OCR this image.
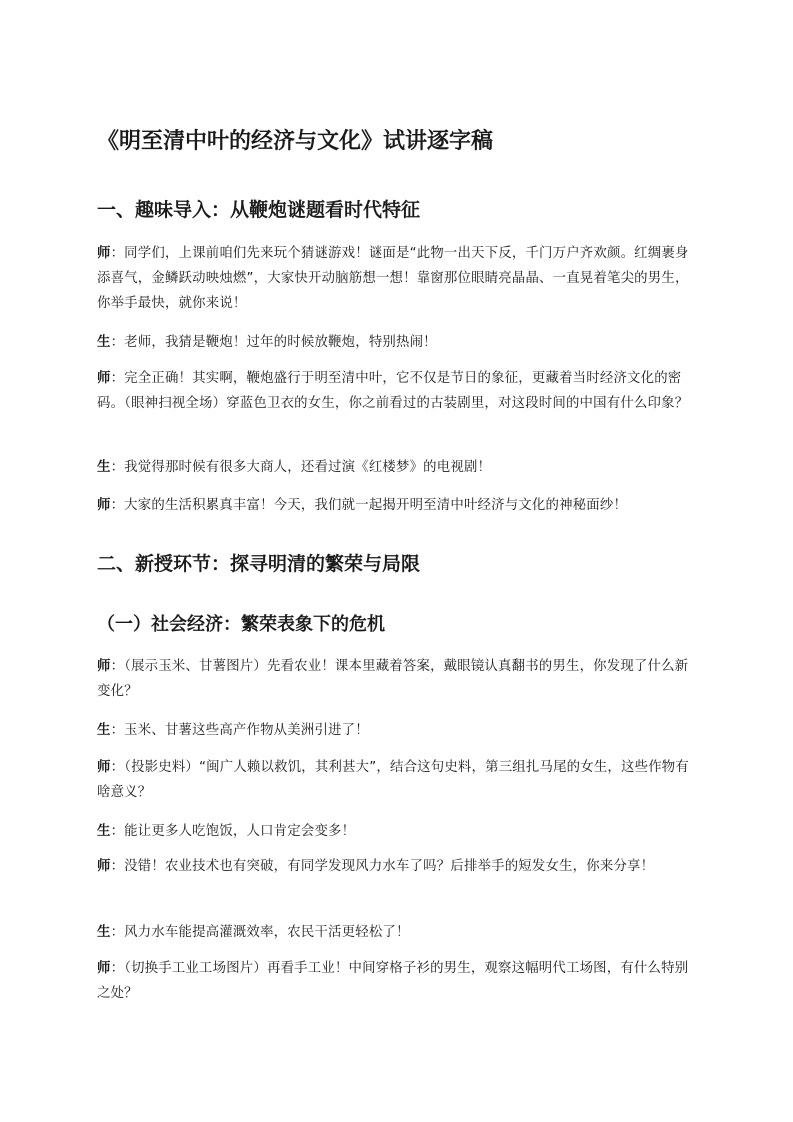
《明至清中叶的经济与文化》试讲逐字稿
一、趣味导入：从鞭炮谜题看时代特征

师：同学们，上课前咱们先来玩个猜谜游戏！谜面是“此物一出天下反，千门万户齐欢颜。红绸裹身添喜气，金鳞跃动映烛燃”，大家快开动脑筋想一想！靠窗那位眼睛亮晶晶、一直晃着笔尖的男生，你举手最快，就你来说！

生：老师，我猜是鞭炮！过年的时候放鞭炮，特别热闹！

师：完全正确！其实啊，鞭炮盛行于明至清中叶，它不仅是节日的象征，更藏着当时经济文化的密码。（眼神扫视全场）穿蓝色卫衣的女生，你之前看过的古装剧里，对这段时间的中国有什么印象？

生：我觉得那时候有很多大商人，还看过演《红楼梦》的电视剧！

师：大家的生活积累真丰富！今天，我们就一起揭开明至清中叶经济与文化的神秘面纱！

二、新授环节：探寻明清的繁荣与局限
（一）社会经济：繁荣表象下的危机

师：（展示玉米、甘薯图片）先看农业！课本里藏着答案，戴眼镜认真翻书的男生，你发现了什么新变化？

生：玉米、甘薯这些高产作物从美洲引进了！

师：（投影史料）“闽广人赖以救饥，其利甚大”，结合这句史料，第三组扎马尾的女生，这些作物有啥意义？

生：能让更多人吃饱饭，人口肯定会变多！

师：没错！农业技术也有突破，有同学发现风力水车了吗？后排举手的短发女生，你来分享！

生：风力水车能提高灌溉效率，农民干活更轻松了！

师：（切换手工业工场图片）再看手工业！中间穿格子衫的男生，观察这幅明代工场图，有什么特别之处？
